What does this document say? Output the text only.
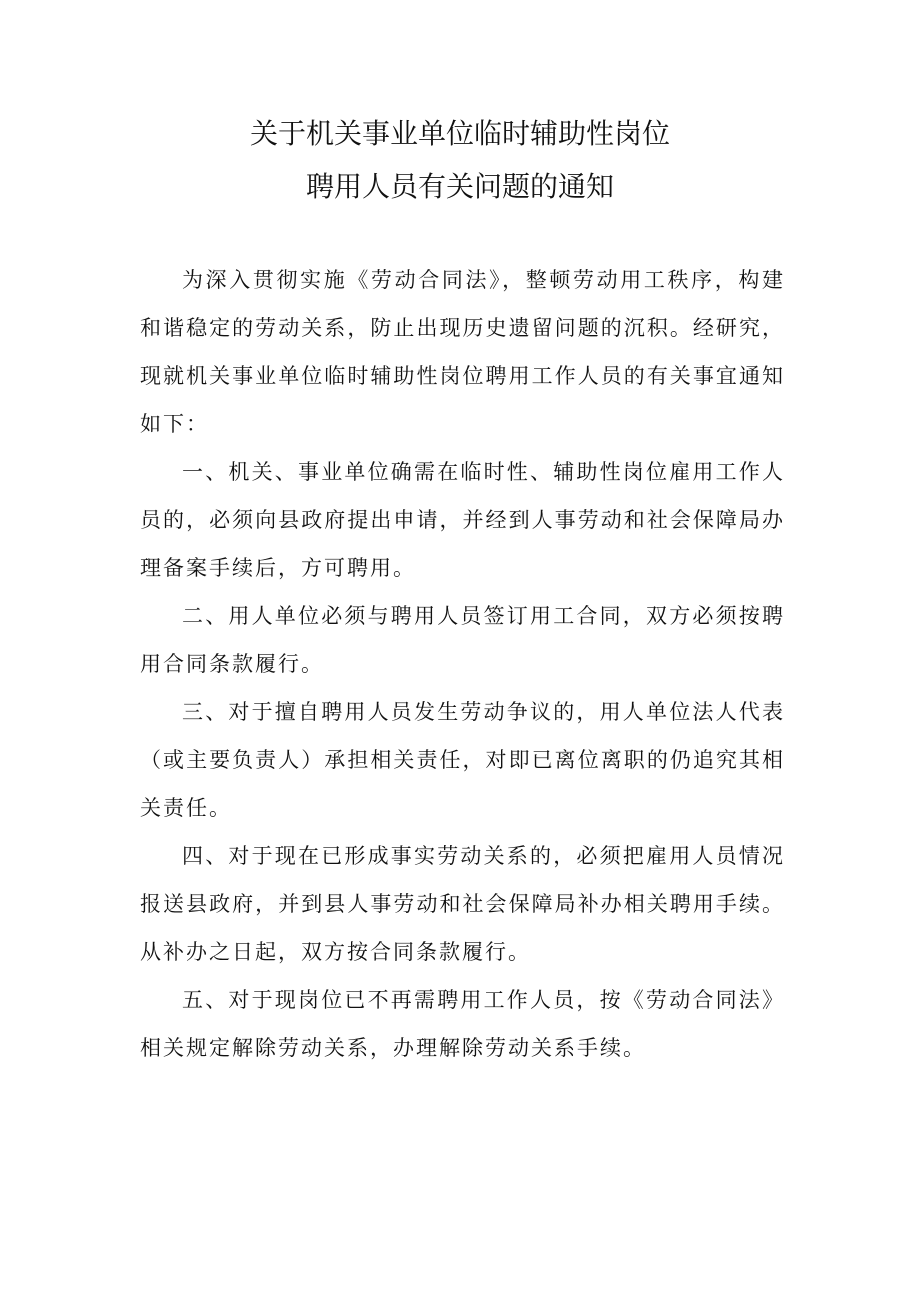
关于机关事业单位临时辅助性岗位
聘用人员有关问题的通知

为深入贯彻实施《劳动合同法》，整顿劳动用工秩序，构建和谐稳定的劳动关系，防止出现历史遗留问题的沉积。经研究，现就机关事业单位临时辅助性岗位聘用工作人员的有关事宜通知如下：

一、机关、事业单位确需在临时性、辅助性岗位雇用工作人员的，必须向县政府提出申请，并经到人事劳动和社会保障局办理备案手续后，方可聘用。

二、用人单位必须与聘用人员签订用工合同，双方必须按聘用合同条款履行。

三、对于擅自聘用人员发生劳动争议的，用人单位法人代表（或主要负责人）承担相关责任，对即已离位离职的仍追究其相关责任。

四、对于现在已形成事实劳动关系的，必须把雇用人员情况报送县政府，并到县人事劳动和社会保障局补办相关聘用手续。从补办之日起，双方按合同条款履行。

五、对于现岗位已不再需聘用工作人员，按《劳动合同法》相关规定解除劳动关系，办理解除劳动关系手续。
